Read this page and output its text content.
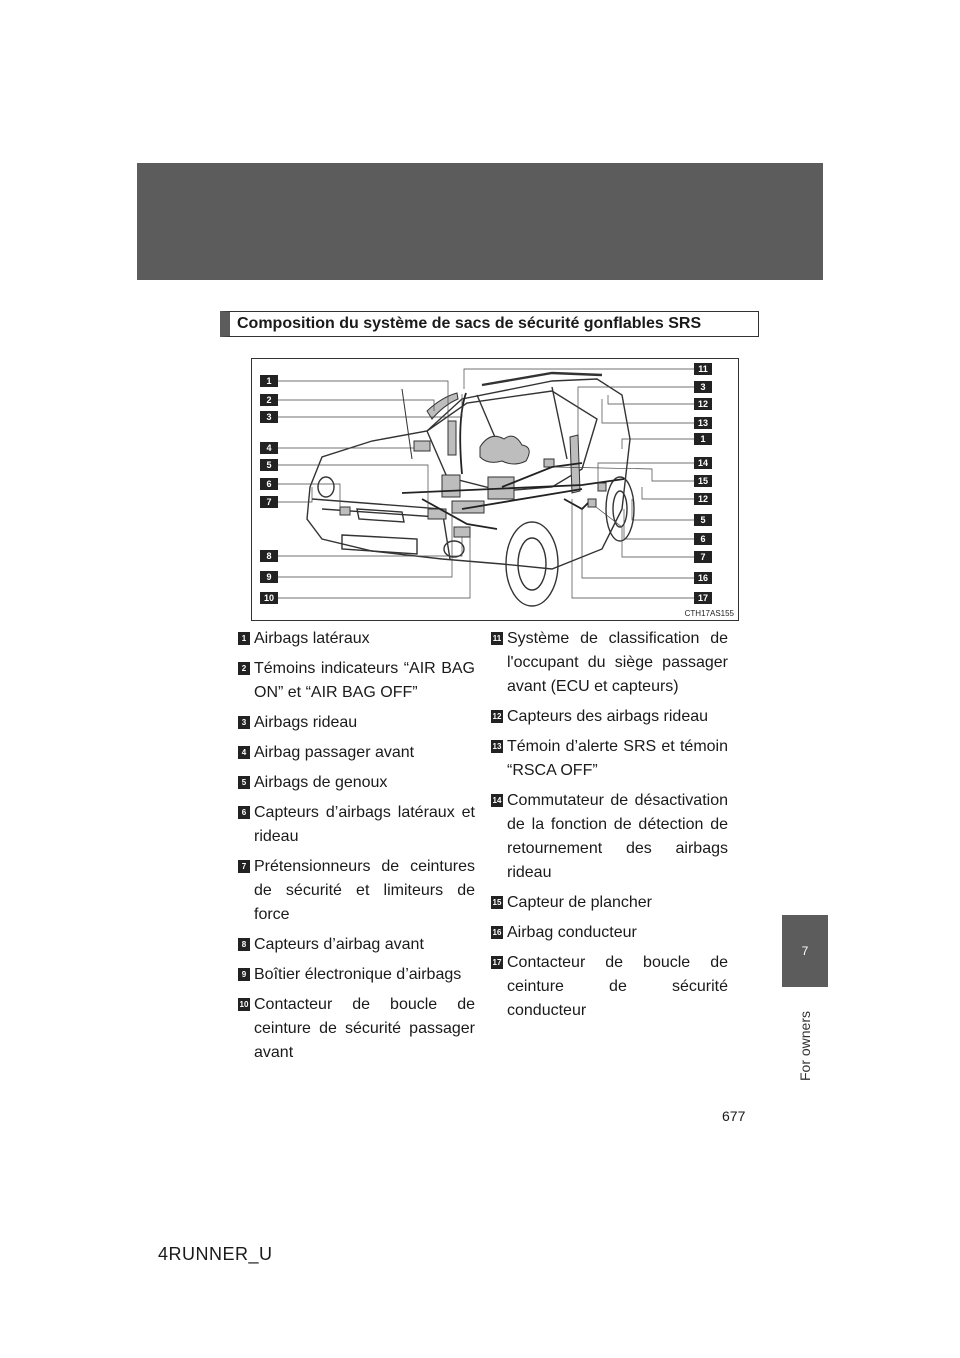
7
For owners
Composition du système de sacs de sécurité gonflables SRS
1
2
3
4
5
6
7
8
9
10
11
3
12
13
1
14
15
12
5
6
7
16
17
CTH17AS155
1 Airbags latéraux
2 Témoins indicateurs “AIR BAG ON” et “AIR BAG OFF”
3 Airbags rideau
4 Airbag passager avant
5 Airbags de genoux
6 Capteurs d’airbags latéraux et rideau
7 Prétensionneurs de ceintures de sécurité et limiteurs de force
8 Capteurs d’airbag avant
9 Boîtier électronique d’airbags
10 Contacteur de boucle de ceinture de sécurité passager avant
11 Système de classification de l'occupant du siège passager avant (ECU et capteurs)
12 Capteurs des airbags rideau
13 Témoin d’alerte SRS et témoin “RSCA OFF”
14 Commutateur de désactivation de la fonction de détection de retournement des airbags rideau
15 Capteur de plancher
16 Airbag conducteur
17 Contacteur de boucle de ceinture de sécurité conducteur
677
4RUNNER_U
